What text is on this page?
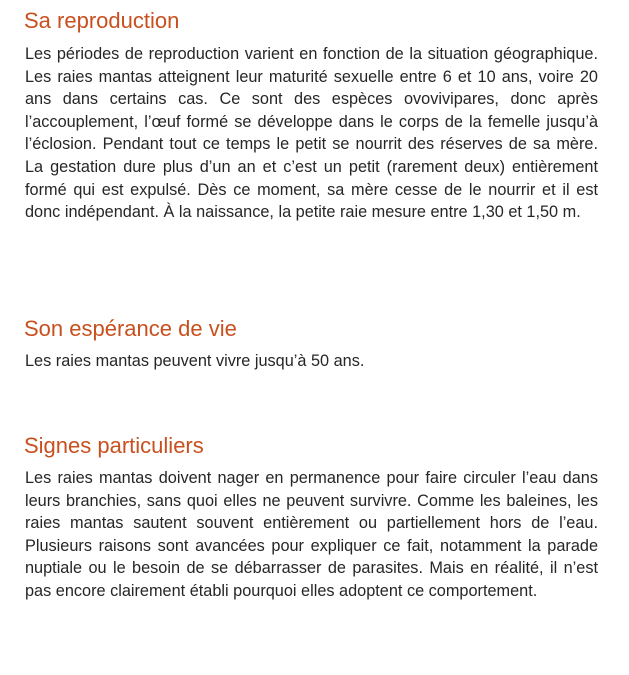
Sa reproduction

Les périodes de reproduction varient en fonction de la situation géographique. Les raies mantas atteignent leur maturité sexuelle entre 6 et 10 ans, voire 20 ans dans certains cas. Ce sont des espèces ovovivipares, donc après l’accouplement, l’œuf formé se développe dans le corps de la femelle jusqu’à l’éclosion. Pendant tout ce temps le petit se nourrit des réserves de sa mère. La gestation dure plus d’un an et c’est un petit (rarement deux) entièrement formé qui est expulsé. Dès ce moment, sa mère cesse de le nourrir et il est donc indépendant. À la naissance, la petite raie mesure entre 1,30 et 1,50 m.

Son espérance de vie

Les raies mantas peuvent vivre jusqu’à 50 ans.

Signes particuliers

Les raies mantas doivent nager en permanence pour faire circuler l’eau dans leurs branchies, sans quoi elles ne peuvent survivre. Comme les baleines, les raies mantas sautent souvent entièrement ou partiellement hors de l’eau. Plusieurs raisons sont avancées pour expliquer ce fait, notamment la parade nuptiale ou le besoin de se débarrasser de parasites. Mais en réalité, il n’est pas encore clairement établi pourquoi elles adoptent ce comportement.
